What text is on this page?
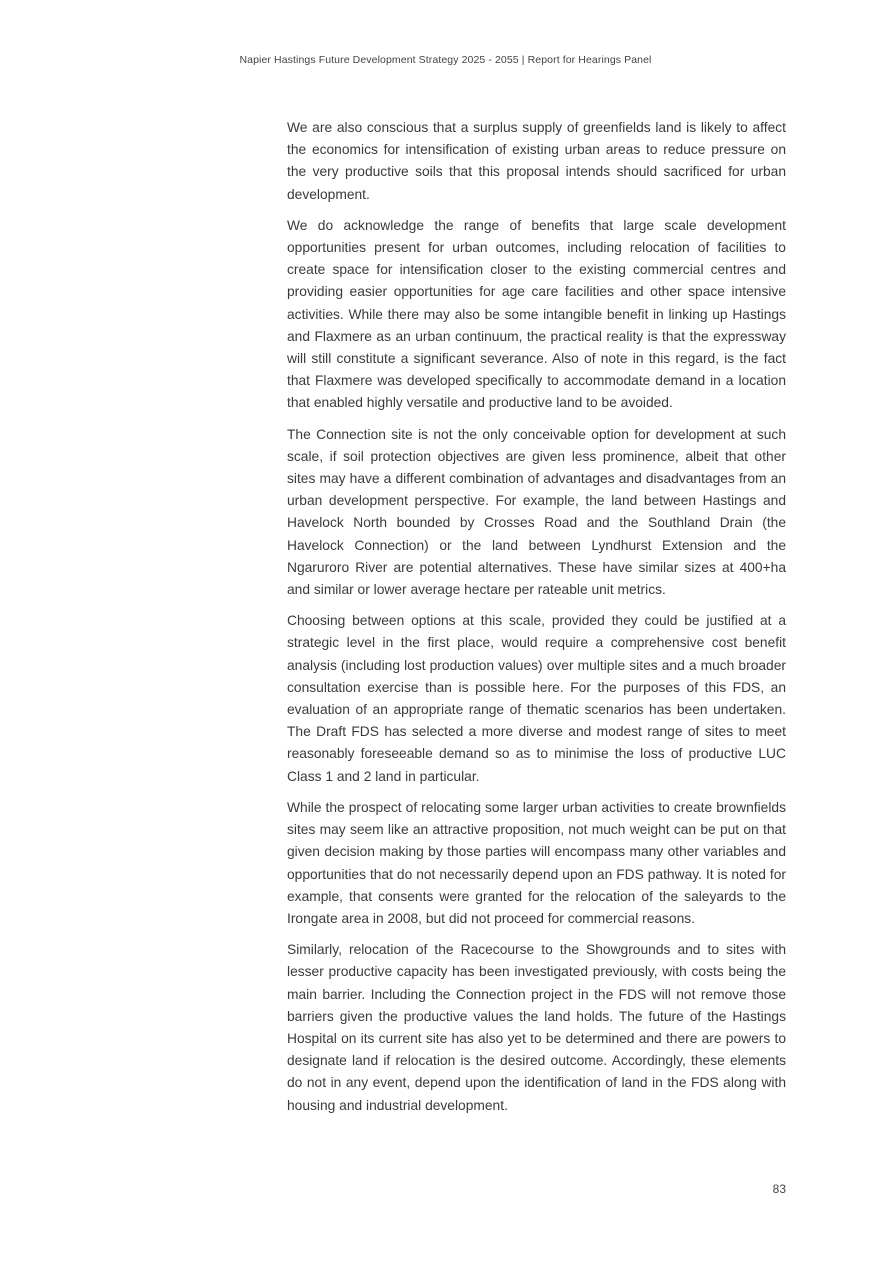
Napier Hastings Future Development Strategy 2025 - 2055 | Report for Hearings Panel

We are also conscious that a surplus supply of greenfields land is likely to affect the economics for intensification of existing urban areas to reduce pressure on the very productive soils that this proposal intends should sacrificed for urban development.

We do acknowledge the range of benefits that large scale development opportunities present for urban outcomes, including relocation of facilities to create space for intensification closer to the existing commercial centres and providing easier opportunities for age care facilities and other space intensive activities. While there may also be some intangible benefit in linking up Hastings and Flaxmere as an urban continuum, the practical reality is that the expressway will still constitute a significant severance. Also of note in this regard, is the fact that Flaxmere was developed specifically to accommodate demand in a location that enabled highly versatile and productive land to be avoided.

The Connection site is not the only conceivable option for development at such scale, if soil protection objectives are given less prominence, albeit that other sites may have a different combination of advantages and disadvantages from an urban development perspective. For example, the land between Hastings and Havelock North bounded by Crosses Road and the Southland Drain (the Havelock Connection) or the land between Lyndhurst Extension and the Ngaruroro River are potential alternatives. These have similar sizes at 400+ha and similar or lower average hectare per rateable unit metrics.

Choosing between options at this scale, provided they could be justified at a strategic level in the first place, would require a comprehensive cost benefit analysis (including lost production values) over multiple sites and a much broader consultation exercise than is possible here. For the purposes of this FDS, an evaluation of an appropriate range of thematic scenarios has been undertaken. The Draft FDS has selected a more diverse and modest range of sites to meet reasonably foreseeable demand so as to minimise the loss of productive LUC Class 1 and 2 land in particular.

While the prospect of relocating some larger urban activities to create brownfields sites may seem like an attractive proposition, not much weight can be put on that given decision making by those parties will encompass many other variables and opportunities that do not necessarily depend upon an FDS pathway. It is noted for example, that consents were granted for the relocation of the saleyards to the Irongate area in 2008, but did not proceed for commercial reasons.

Similarly, relocation of the Racecourse to the Showgrounds and to sites with lesser productive capacity has been investigated previously, with costs being the main barrier. Including the Connection project in the FDS will not remove those barriers given the productive values the land holds. The future of the Hastings Hospital on its current site has also yet to be determined and there are powers to designate land if relocation is the desired outcome. Accordingly, these elements do not in any event, depend upon the identification of land in the FDS along with housing and industrial development.

83
